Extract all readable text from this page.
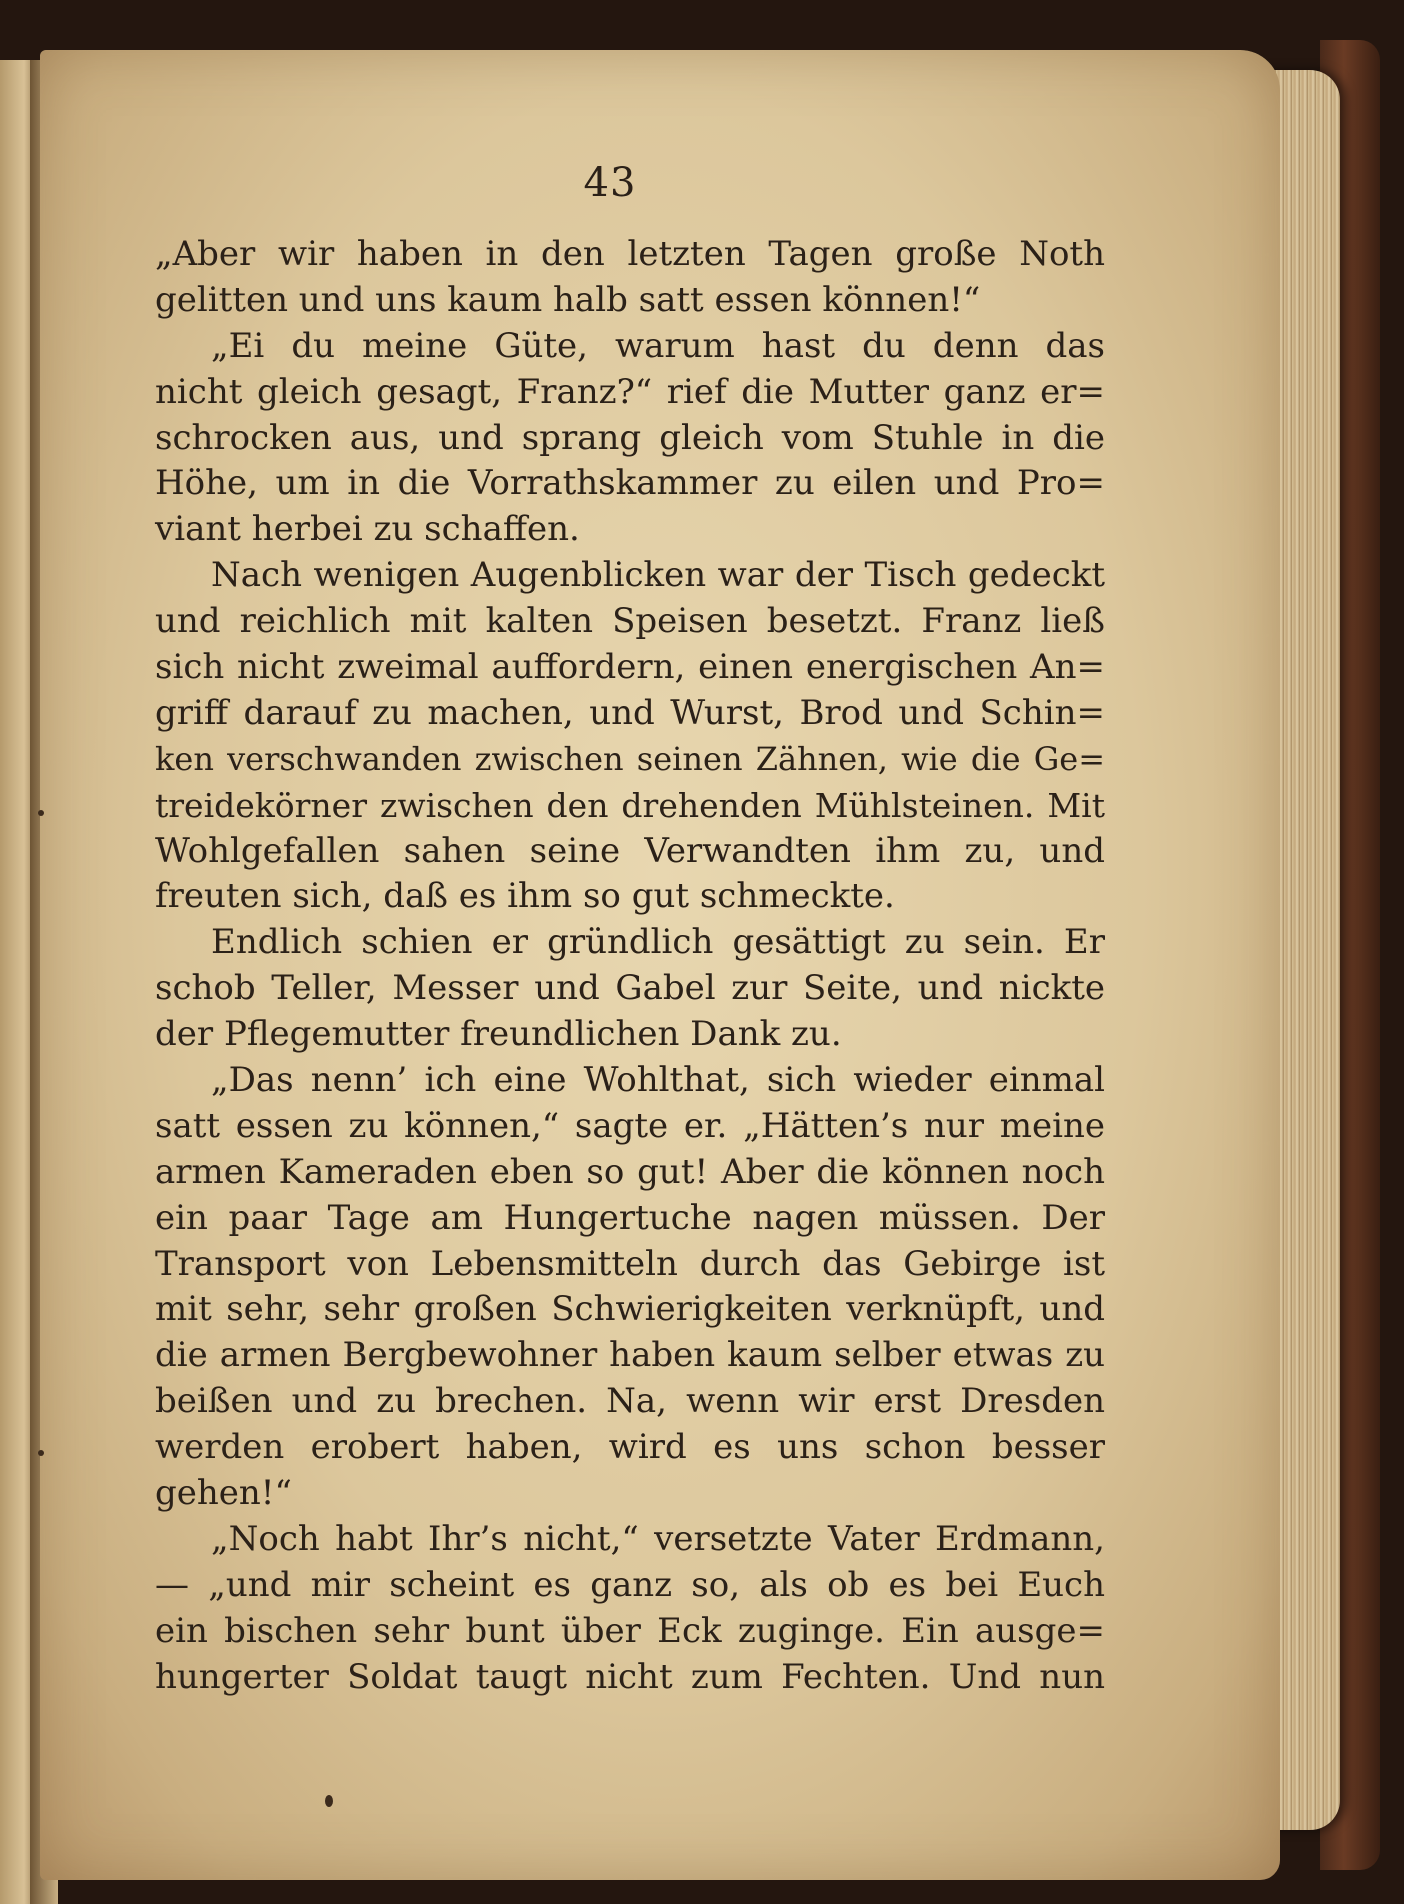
43
„Aber wir haben in den letzten Tagen große Noth
gelitten und uns kaum halb satt essen können!“
„Ei du meine Güte, warum hast du denn das
nicht gleich gesagt, Franz?“ rief die Mutter ganz er=
schrocken aus, und sprang gleich vom Stuhle in die
Höhe, um in die Vorrathskammer zu eilen und Pro=
viant herbei zu schaffen.
Nach wenigen Augenblicken war der Tisch gedeckt
und reichlich mit kalten Speisen besetzt. Franz ließ
sich nicht zweimal auffordern, einen energischen An=
griff darauf zu machen, und Wurst, Brod und Schin=
ken verschwanden zwischen seinen Zähnen, wie die Ge=
treidekörner zwischen den drehenden Mühlsteinen. Mit
Wohlgefallen sahen seine Verwandten ihm zu, und
freuten sich, daß es ihm so gut schmeckte.
Endlich schien er gründlich gesättigt zu sein. Er
schob Teller, Messer und Gabel zur Seite, und nickte
der Pflegemutter freundlichen Dank zu.
„Das nenn’ ich eine Wohlthat, sich wieder einmal
satt essen zu können,“ sagte er. „Hätten’s nur meine
armen Kameraden eben so gut! Aber die können noch
ein paar Tage am Hungertuche nagen müssen. Der
Transport von Lebensmitteln durch das Gebirge ist
mit sehr, sehr großen Schwierigkeiten verknüpft, und
die armen Bergbewohner haben kaum selber etwas zu
beißen und zu brechen. Na, wenn wir erst Dresden
werden erobert haben, wird es uns schon besser
gehen!“
„Noch habt Ihr’s nicht,“ versetzte Vater Erdmann,
— „und mir scheint es ganz so, als ob es bei Euch
ein bischen sehr bunt über Eck zuginge. Ein ausge=
hungerter Soldat taugt nicht zum Fechten. Und nun
